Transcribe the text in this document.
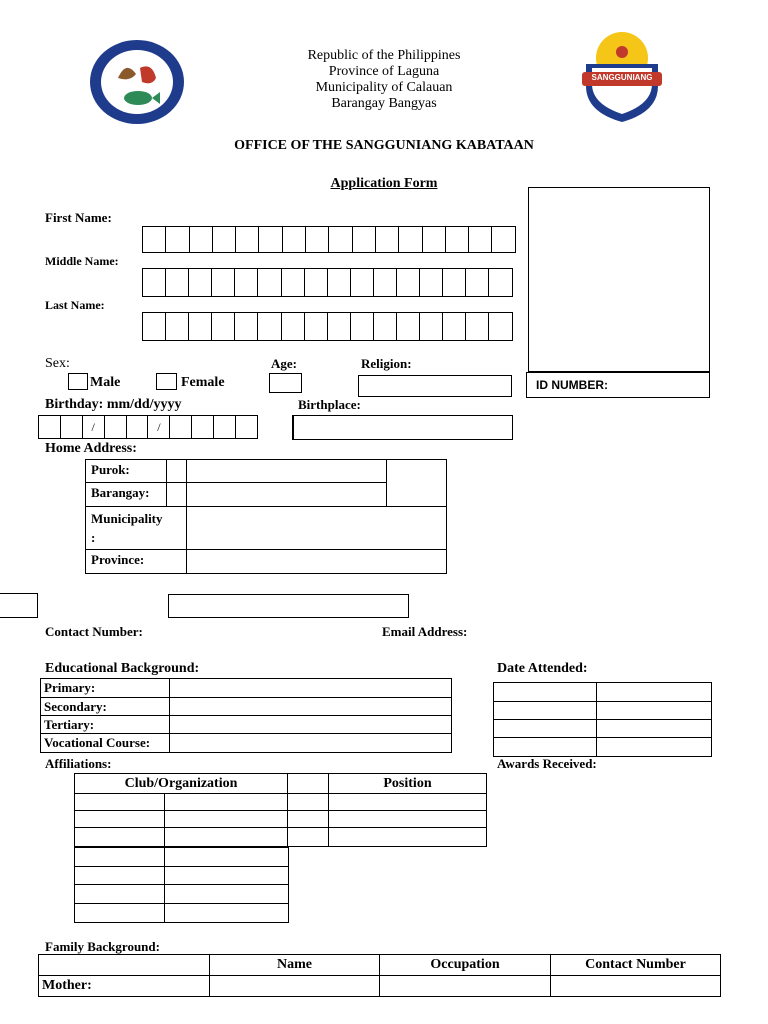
Republic of the Philippines
Province of Laguna
Municipality of Calauan
Barangay Bangyas
SANGGUNIANG
OFFICE OF THE SANGGUNIANG KABATAAN
Application Form
ID NUMBER:
First Name:
Middle Name:
Last Name:
Sex:
Male	Female
Age:	Religion:
Birthday: mm/dd/yyyy
/	/
Birthplace:
Home Address:
Purok:
Barangay:
Municipality
:
Province:
Contact Number:	Email Address:
Educational Background:	Date Attended:
Primary:	
Secondary:	
Tertiary:	
Vocational Course:	

Affiliations:	Awards Received:
Club/Organization			Position

Family Background:
	Name	Occupation	Contact Number
Mother:			
